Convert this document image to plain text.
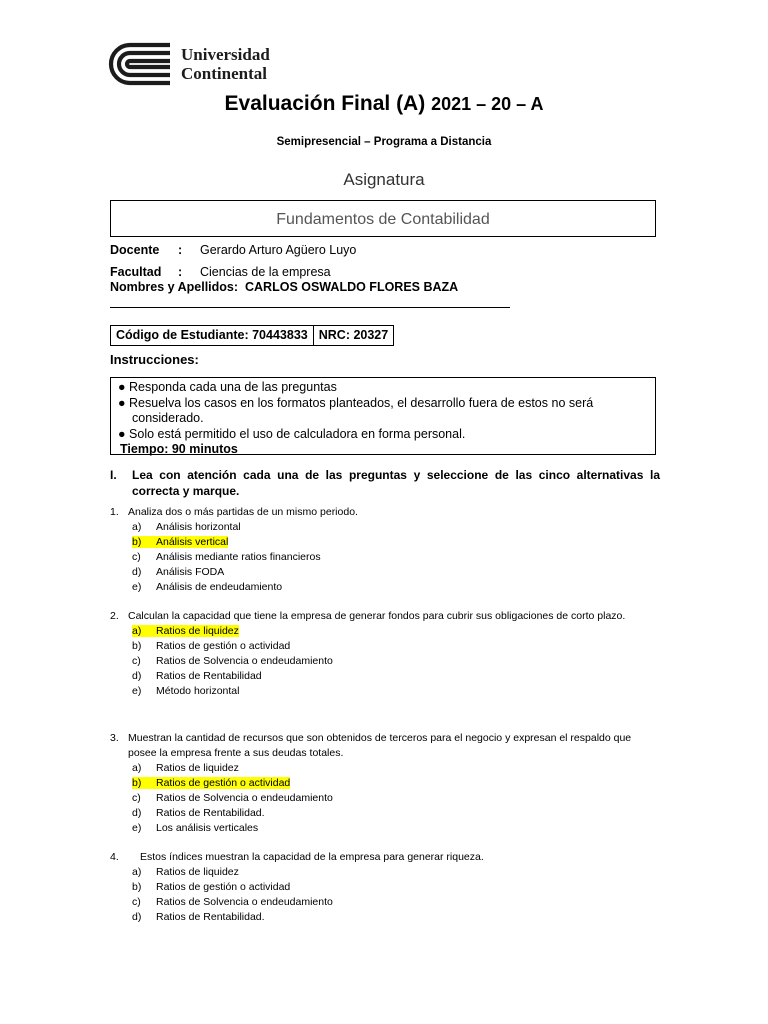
Universidad
Continental
Evaluación Final (A) 2021 – 20 – A
Semipresencial – Programa a Distancia
Asignatura
Fundamentos de Contabilidad
Docente : Gerardo Arturo Agüero Luyo
Facultad : Ciencias de la empresa
Nombres y Apellidos: CARLOS OSWALDO FLORES BAZA
Código de Estudiante: 70443833 NRC: 20327
Instrucciones:
● Responda cada una de las preguntas
● Resuelva los casos en los formatos planteados, el desarrollo fuera de estos no será considerado.
● Solo está permitido el uso de calculadora en forma personal.
Tiempo: 90 minutos
I.	Lea con atención cada una de las preguntas y seleccione de las cinco alternativas la correcta y marque.
1. Analiza dos o más partidas de un mismo periodo.
a) Análisis horizontal
b) Análisis vertical
c) Análisis mediante ratios financieros
d) Análisis FODA
e) Análisis de endeudamiento
2. Calculan la capacidad que tiene la empresa de generar fondos para cubrir sus obligaciones de corto plazo.
a) Ratios de liquidez
b) Ratios de gestión o actividad
c) Ratios de Solvencia o endeudamiento
d) Ratios de Rentabilidad
e) Método horizontal
3. Muestran la cantidad de recursos que son obtenidos de terceros para el negocio y expresan el respaldo que posee la empresa frente a sus deudas totales.
a) Ratios de liquidez
b) Ratios de gestión o actividad
c) Ratios de Solvencia o endeudamiento
d) Ratios de Rentabilidad.
e) Los análisis verticales
4.	Estos índices muestran la capacidad de la empresa para generar riqueza.
a) Ratios de liquidez
b) Ratios de gestión o actividad
c) Ratios de Solvencia o endeudamiento
d) Ratios de Rentabilidad.
